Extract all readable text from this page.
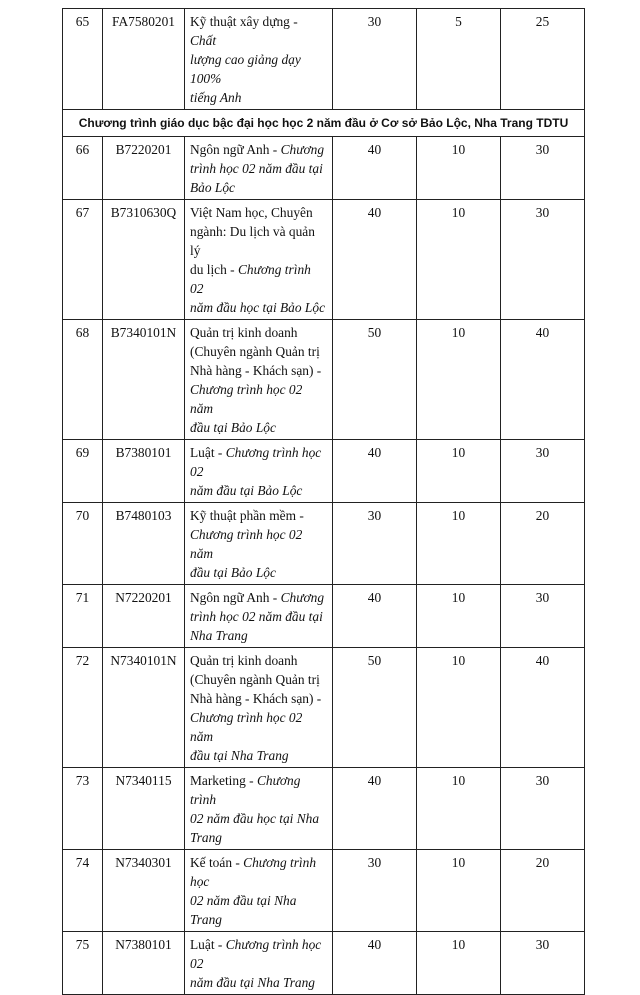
65	FA7580201	Kỹ thuật xây dựng - Chất
lượng cao giảng dạy 100%
tiếng Anh	30	5	25
Chương trình giáo dục bậc đại học học 2 năm đầu ở Cơ sở Bảo Lộc, Nha Trang TDTU					
66	B7220201	Ngôn ngữ Anh - Chương
trình học 02 năm đầu tại
Bảo Lộc	40	10	30
67	B7310630Q	Việt Nam học, Chuyên
ngành: Du lịch và quản lý
du lịch - Chương trình 02
năm đầu học tại Bảo Lộc	40	10	30
68	B7340101N	Quản trị kinh doanh
(Chuyên ngành Quản trị
Nhà hàng - Khách sạn) -
Chương trình học 02 năm
đầu tại Bảo Lộc	50	10	40
69	B7380101	Luật - Chương trình học 02
năm đầu tại Bảo Lộc	40	10	30
70	B7480103	Kỹ thuật phần mềm -
Chương trình học 02 năm
đầu tại Bảo Lộc	30	10	20
71	N7220201	Ngôn ngữ Anh - Chương
trình học 02 năm đầu tại
Nha Trang	40	10	30
72	N7340101N	Quản trị kinh doanh
(Chuyên ngành Quản trị
Nhà hàng - Khách sạn) -
Chương trình học 02 năm
đầu tại Nha Trang	50	10	40
73	N7340115	Marketing - Chương trình
02 năm đầu học tại Nha
Trang	40	10	30
74	N7340301	Kế toán - Chương trình học
02 năm đầu tại Nha Trang	30	10	20
75	N7380101	Luật - Chương trình học 02
năm đầu tại Nha Trang	40	10	30
